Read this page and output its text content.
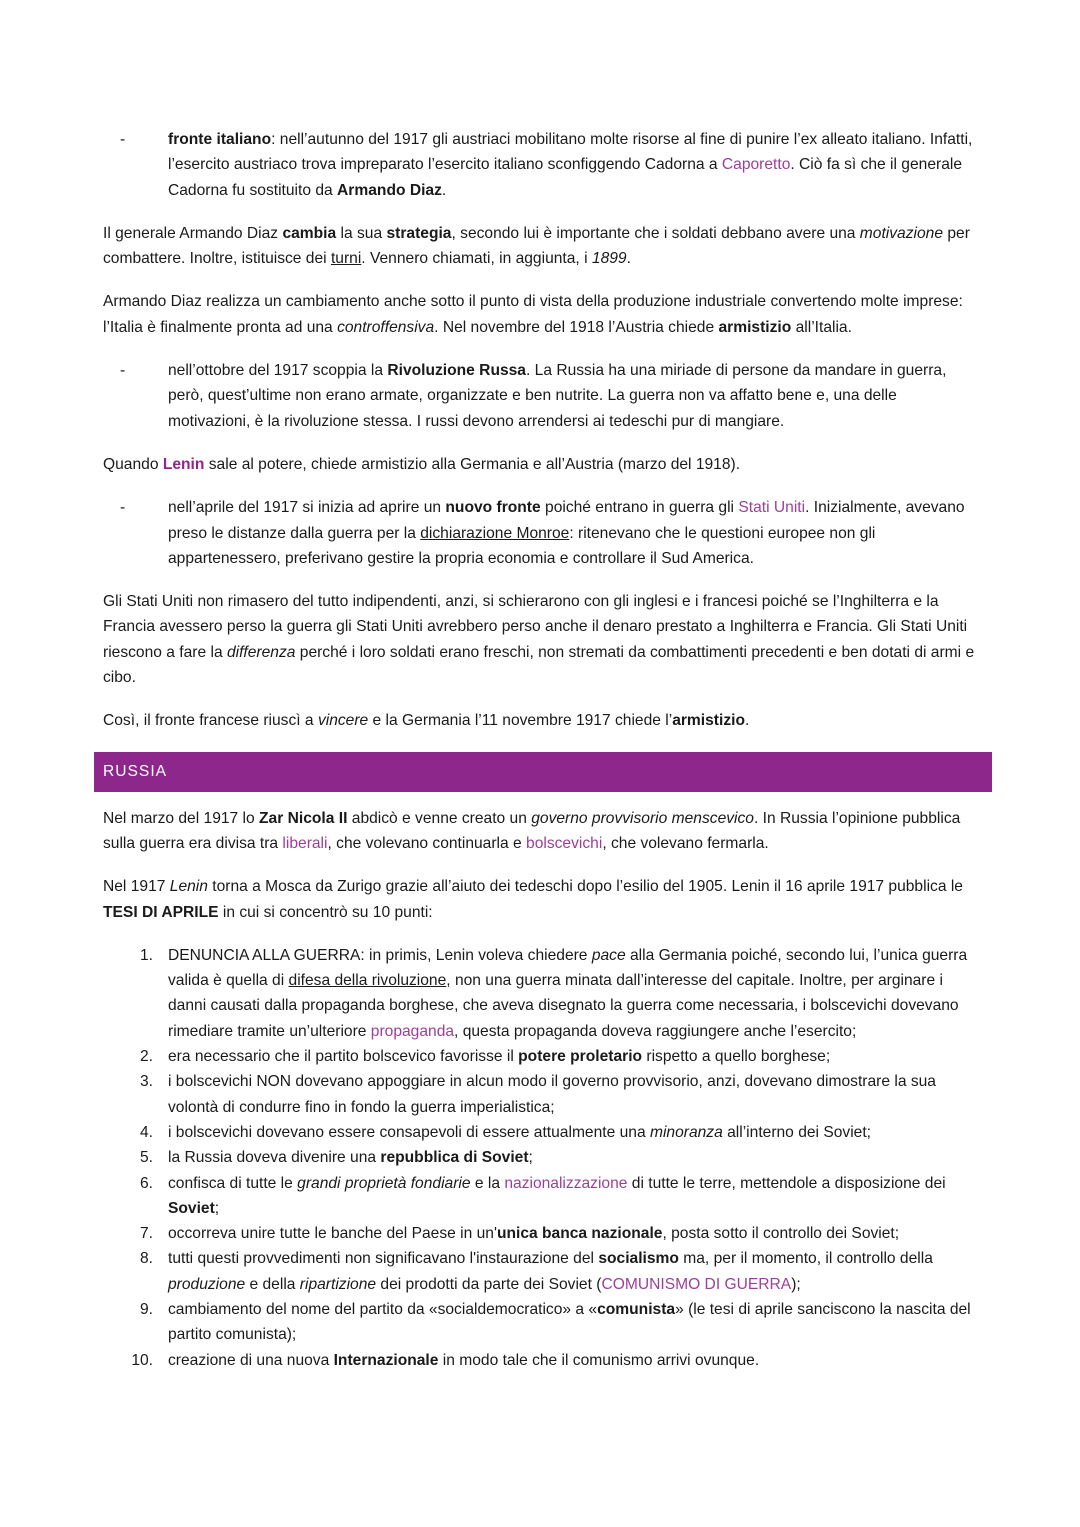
-	fronte italiano: nell’autunno del 1917 gli austriaci mobilitano molte risorse al fine di punire l’ex alleato italiano. Infatti, l’esercito austriaco trova impreparato l’esercito italiano sconfiggendo Cadorna a Caporetto. Ciò fa sì che il generale Cadorna fu sostituito da Armando Diaz.

Il generale Armando Diaz cambia la sua strategia, secondo lui è importante che i soldati debbano avere una motivazione per combattere. Inoltre, istituisce dei turni. Vennero chiamati, in aggiunta, i 1899.

Armando Diaz realizza un cambiamento anche sotto il punto di vista della produzione industriale convertendo molte imprese: l’Italia è finalmente pronta ad una controffensiva. Nel novembre del 1918 l’Austria chiede armistizio all’Italia.

-	nell’ottobre del 1917 scoppia la Rivoluzione Russa. La Russia ha una miriade di persone da mandare in guerra, però, quest’ultime non erano armate, organizzate e ben nutrite. La guerra non va affatto bene e, una delle motivazioni, è la rivoluzione stessa. I russi devono arrendersi ai tedeschi pur di mangiare.

Quando Lenin sale al potere, chiede armistizio alla Germania e all’Austria (marzo del 1918).

-	nell’aprile del 1917 si inizia ad aprire un nuovo fronte poiché entrano in guerra gli Stati Uniti. Inizialmente, avevano preso le distanze dalla guerra per la dichiarazione Monroe: ritenevano che le questioni europee non gli appartenessero, preferivano gestire la propria economia e controllare il Sud America.

Gli Stati Uniti non rimasero del tutto indipendenti, anzi, si schierarono con gli inglesi e i francesi poiché se l’Inghilterra e la Francia avessero perso la guerra gli Stati Uniti avrebbero perso anche il denaro prestato a Inghilterra e Francia. Gli Stati Uniti riescono a fare la differenza perché i loro soldati erano freschi, non stremati da combattimenti precedenti e ben dotati di armi e cibo.

Così, il fronte francese riuscì a vincere e la Germania l’11 novembre 1917 chiede l’armistizio.

RUSSIA

Nel marzo del 1917 lo Zar Nicola II abdicò e venne creato un governo provvisorio menscevico. In Russia l’opinione pubblica sulla guerra era divisa tra liberali, che volevano continuarla e bolscevichi, che volevano fermarla.

Nel 1917 Lenin torna a Mosca da Zurigo grazie all’aiuto dei tedeschi dopo l’esilio del 1905. Lenin il 16 aprile 1917 pubblica le TESI DI APRILE in cui si concentrò su 10 punti:

1. DENUNCIA ALLA GUERRA: in primis, Lenin voleva chiedere pace alla Germania poiché, secondo lui, l’unica guerra valida è quella di difesa della rivoluzione, non una guerra minata dall’interesse del capitale. Inoltre, per arginare i danni causati dalla propaganda borghese, che aveva disegnato la guerra come necessaria, i bolscevichi dovevano rimediare tramite un’ulteriore propaganda, questa propaganda doveva raggiungere anche l’esercito;
2. era necessario che il partito bolscevico favorisse il potere proletario rispetto a quello borghese;
3. i bolscevichi NON dovevano appoggiare in alcun modo il governo provvisorio, anzi, dovevano dimostrare la sua volontà di condurre fino in fondo la guerra imperialistica;
4. i bolscevichi dovevano essere consapevoli di essere attualmente una minoranza all’interno dei Soviet;
5. la Russia doveva divenire una repubblica di Soviet;
6. confisca di tutte le grandi proprietà fondiarie e la nazionalizzazione di tutte le terre, mettendole a disposizione dei Soviet;
7. occorreva unire tutte le banche del Paese in un'unica banca nazionale, posta sotto il controllo dei Soviet;
8. tutti questi provvedimenti non significavano l'instaurazione del socialismo ma, per il momento, il controllo della produzione e della ripartizione dei prodotti da parte dei Soviet (COMUNISMO DI GUERRA);
9. cambiamento del nome del partito da «socialdemocratico» a «comunista» (le tesi di aprile sanciscono la nascita del partito comunista);
10. creazione di una nuova Internazionale in modo tale che il comunismo arrivi ovunque.
